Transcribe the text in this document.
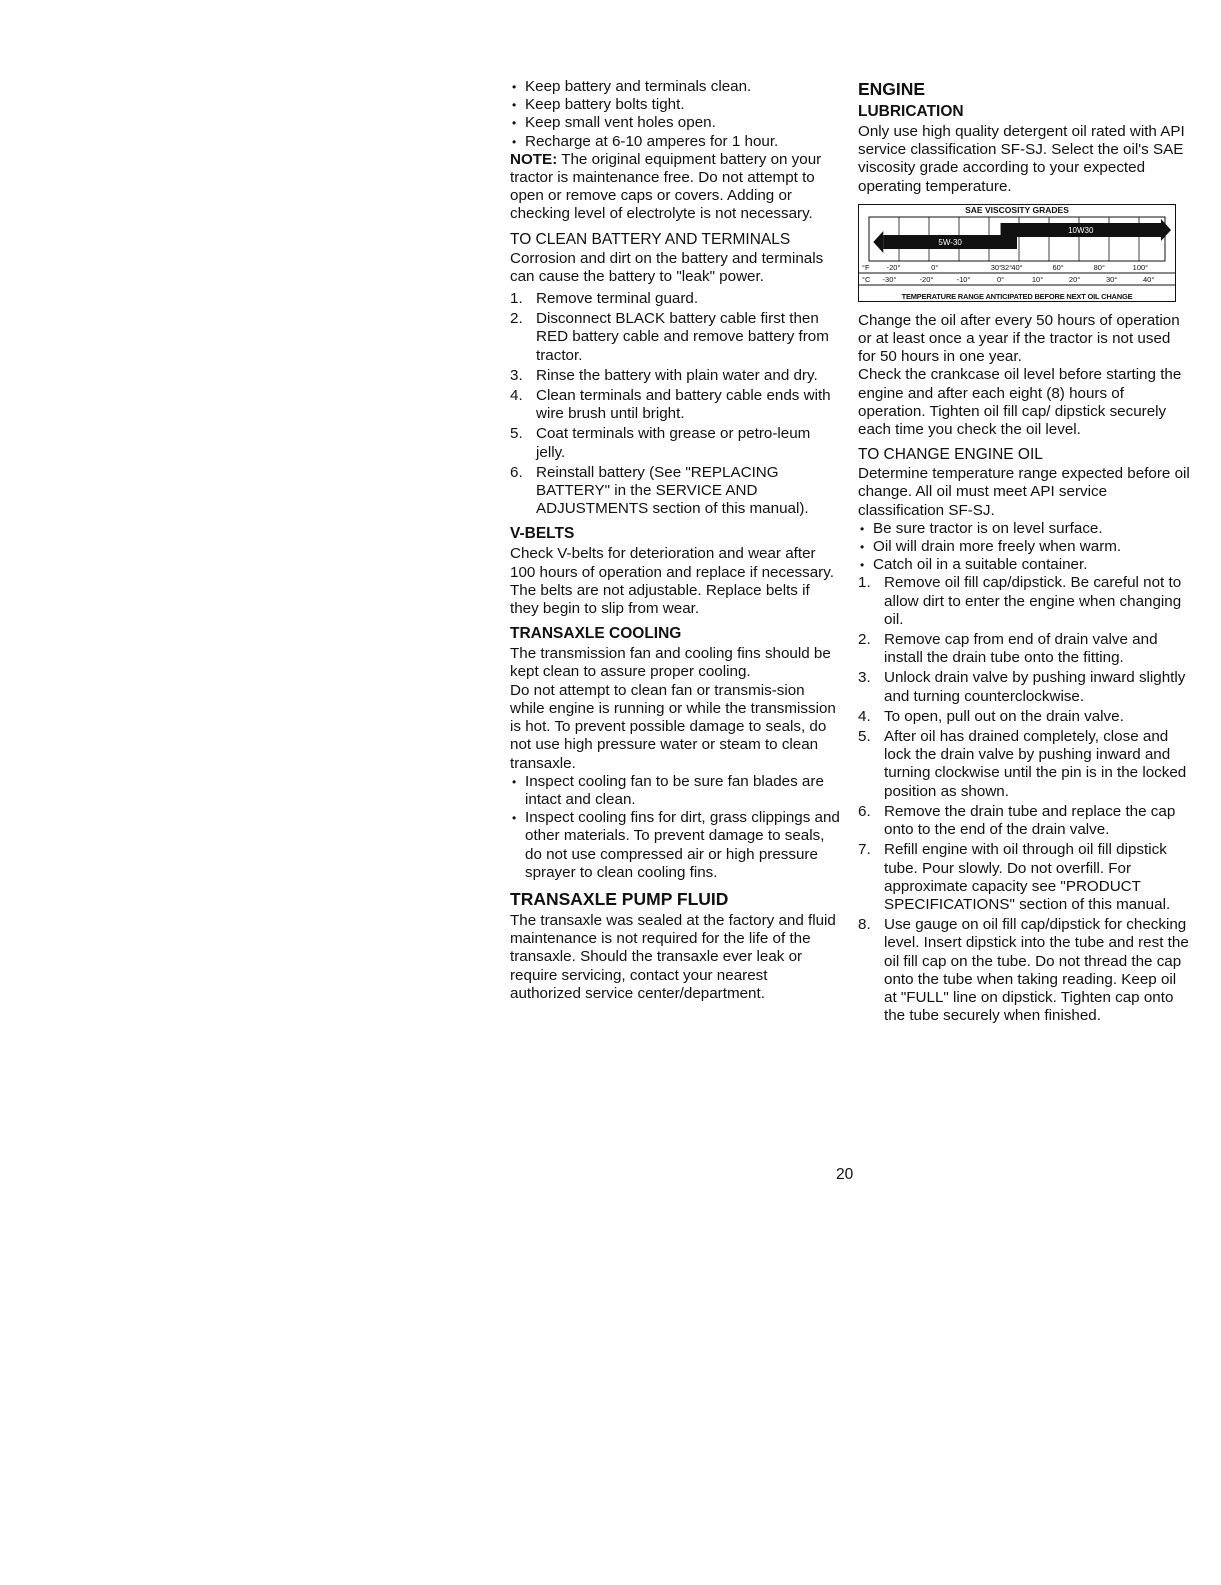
• Keep battery and terminals clean.
• Keep battery bolts tight.
• Keep small vent holes open.
• Recharge at 6-10 amperes for 1 hour.

NOTE: The original equipment battery on your tractor is maintenance free. Do not attempt to open or remove caps or covers. Adding or checking level of electrolyte is not necessary.

TO CLEAN BATTERY AND TERMINALS

Corrosion and dirt on the battery and terminals can cause the battery to "leak" power.

1. Remove terminal guard.
2. Disconnect BLACK battery cable first then RED battery cable and remove battery from tractor.
3. Rinse the battery with plain water and dry.
4. Clean terminals and battery cable ends with wire brush until bright.
5. Coat terminals with grease or petro-leum jelly.
6. Reinstall battery (See "REPLACING BATTERY" in the SERVICE AND ADJUSTMENTS section of this manual).

V-BELTS

Check V-belts for deterioration and wear after 100 hours of operation and replace if necessary. The belts are not adjustable. Replace belts if they begin to slip from wear.

TRANSAXLE COOLING

The transmission fan and cooling fins should be kept clean to assure proper cooling.

Do not attempt to clean fan or transmis-sion while engine is running or while the transmission is hot. To prevent possible damage to seals, do not use high pressure water or steam to clean transaxle.

• Inspect cooling fan to be sure fan blades are intact and clean.
• Inspect cooling fins for dirt, grass clippings and other materials. To prevent damage to seals, do not use compressed air or high pressure sprayer to clean cooling fins.

TRANSAXLE PUMP FLUID

The transaxle was sealed at the factory and fluid maintenance is not required for the life of the transaxle. Should the transaxle ever leak or require servicing, contact your nearest authorized service center/department.

ENGINE

LUBRICATION

Only use high quality detergent oil rated with API service classification SF-SJ. Select the oil's SAE viscosity grade according to your expected operating temperature.

SAE VISCOSITY GRADES
5W-30
10W30
°F -20°	0°	30°
32° 40°	60°	80°	100°
°C -30°	-20°	-10°	0°	10°	20°	30°	40°
TEMPERATURE RANGE ANTICIPATED BEFORE NEXT OIL CHANGE

Change the oil after every 50 hours of operation or at least once a year if the tractor is not used for 50 hours in one year.

Check the crankcase oil level before starting the engine and after each eight (8) hours of operation. Tighten oil fill cap/ dipstick securely each time you check the oil level.

TO CHANGE ENGINE OIL

Determine temperature range expected before oil change. All oil must meet API service classification SF-SJ.

• Be sure tractor is on level surface.
• Oil will drain more freely when warm.
• Catch oil in a suitable container.
1. Remove oil fill cap/dipstick. Be careful not to allow dirt to enter the engine when changing oil.
2. Remove cap from end of drain valve and install the drain tube onto the fitting.
3. Unlock drain valve by pushing inward slightly and turning counterclockwise.
4. To open, pull out on the drain valve.
5. After oil has drained completely, close and lock the drain valve by pushing inward and turning clockwise until the pin is in the locked position as shown.
6. Remove the drain tube and replace the cap onto to the end of the drain valve.
7. Refill engine with oil through oil fill dipstick tube. Pour slowly. Do not overfill. For approximate capacity see "PRODUCT SPECIFICATIONS" section of this manual.
8. Use gauge on oil fill cap/dipstick for checking level. Insert dipstick into the tube and rest the oil fill cap on the tube. Do not thread the cap onto the tube when taking reading. Keep oil at "FULL" line on dipstick. Tighten cap onto the tube securely when finished.
20
